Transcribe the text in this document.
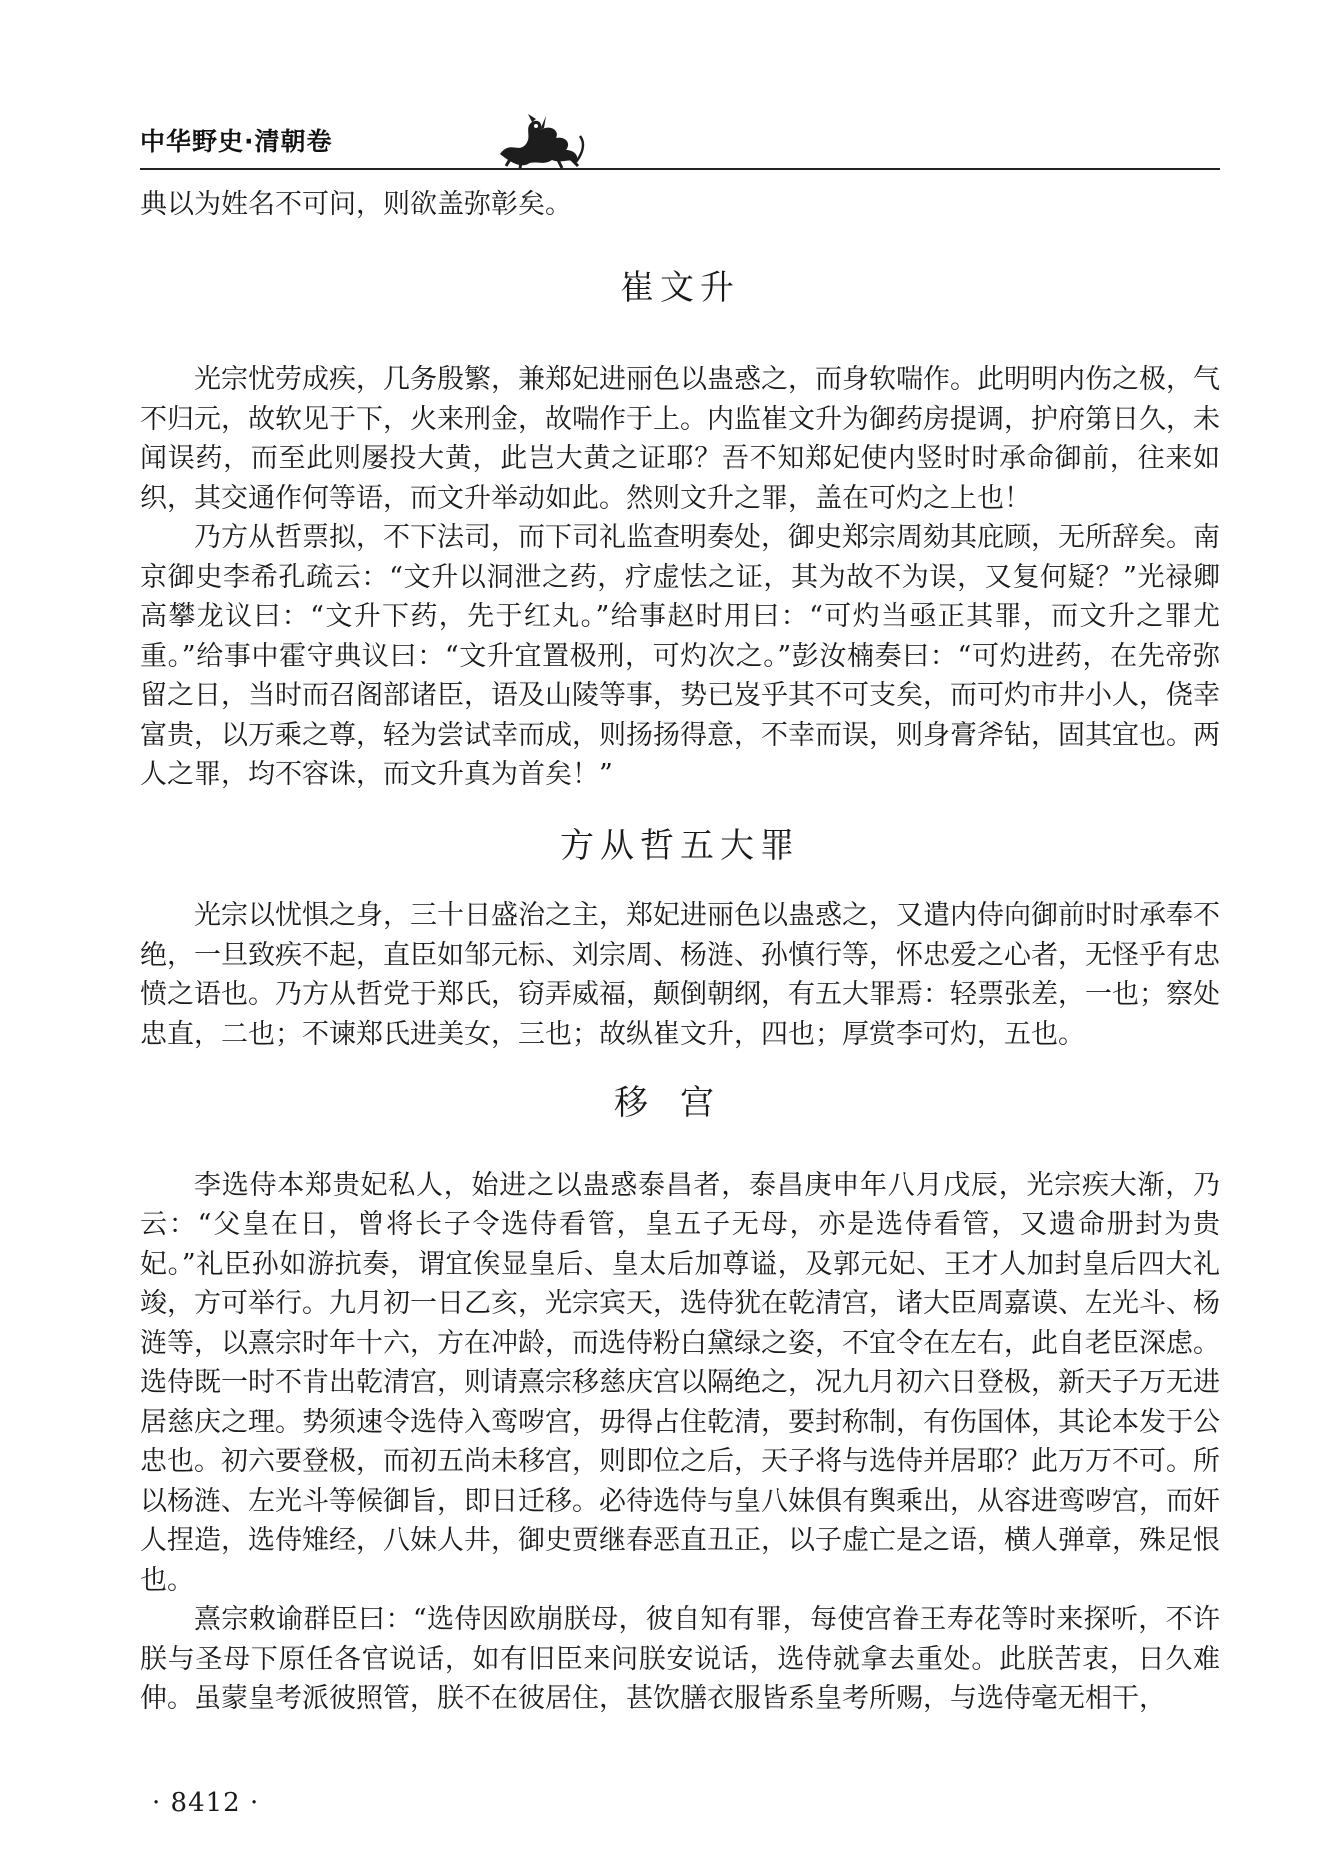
中华野史·清朝卷

典以为姓名不可问，则欲盖弥彰矣。

崔文升

光宗忧劳成疾，几务殷繁，兼郑妃进丽色以蛊惑之，而身软喘作。此明明内伤之极，气不归元，故软见于下，火来刑金，故喘作于上。内监崔文升为御药房提调，护府第日久，未闻误药，而至此则屡投大黄，此岂大黄之证耶？吾不知郑妃使内竖时时承命御前，往来如织，其交通作何等语，而文升举动如此。然则文升之罪，盖在可灼之上也！

乃方从哲票拟，不下法司，而下司礼监查明奏处，御史郑宗周劾其庇顾，无所辞矣。南京御史李希孔疏云：“文升以洞泄之药，疗虚怯之证，其为故不为误，又复何疑？”光禄卿高攀龙议曰：“文升下药，先于红丸。”给事赵时用曰：“可灼当亟正其罪，而文升之罪尤重。”给事中霍守典议曰：“文升宜置极刑，可灼次之。”彭汝楠奏曰：“可灼进药，在先帝弥留之日，当时而召阁部诸臣，语及山陵等事，势已岌乎其不可支矣，而可灼市井小人，侥幸富贵，以万乘之尊，轻为尝试幸而成，则扬扬得意，不幸而误，则身膏斧钻，固其宜也。两人之罪，均不容诛，而文升真为首矣！”

方从哲五大罪

光宗以忧惧之身，三十日盛治之主，郑妃进丽色以蛊惑之，又遣内侍向御前时时承奉不绝，一旦致疾不起，直臣如邹元标、刘宗周、杨涟、孙慎行等，怀忠爱之心者，无怪乎有忠愤之语也。乃方从哲党于郑氏，窃弄威福，颠倒朝纲，有五大罪焉：轻票张差，一也；察处忠直，二也；不谏郑氏进美女，三也；故纵崔文升，四也；厚赏李可灼，五也。

移宫

李选侍本郑贵妃私人，始进之以蛊惑泰昌者，泰昌庚申年八月戊辰，光宗疾大渐，乃云：“父皇在日，曾将长子令选侍看管，皇五子无母，亦是选侍看管，又遗命册封为贵妃。”礼臣孙如游抗奏，谓宜俟显皇后、皇太后加尊谥，及郭元妃、王才人加封皇后四大礼竣，方可举行。九月初一日乙亥，光宗宾天，选侍犹在乾清宫，诸大臣周嘉谟、左光斗、杨涟等，以熹宗时年十六，方在冲龄，而选侍粉白黛绿之姿，不宜令在左右，此自老臣深虑。选侍既一时不肯出乾清宫，则请熹宗移慈庆宫以隔绝之，况九月初六日登极，新天子万无进居慈庆之理。势须速令选侍入鸾哕宫，毋得占住乾清，要封称制，有伤国体，其论本发于公忠也。初六要登极，而初五尚未移宫，则即位之后，天子将与选侍并居耶？此万万不可。所以杨涟、左光斗等候御旨，即日迁移。必待选侍与皇八妹俱有舆乘出，从容进鸾哕宫，而奸人捏造，选侍雉经，八妹人井，御史贾继春恶直丑正，以子虚亡是之语，横人弹章，殊足恨也。

熹宗敕谕群臣曰：“选侍因欧崩朕母，彼自知有罪，每使宫眷王寿花等时来探听，不许朕与圣母下原任各官说话，如有旧臣来问朕安说话，选侍就拿去重处。此朕苦衷，日久难伸。虽蒙皇考派彼照管，朕不在彼居住，甚饮膳衣服皆系皇考所赐，与选侍毫无相干，

· 8412 ·
